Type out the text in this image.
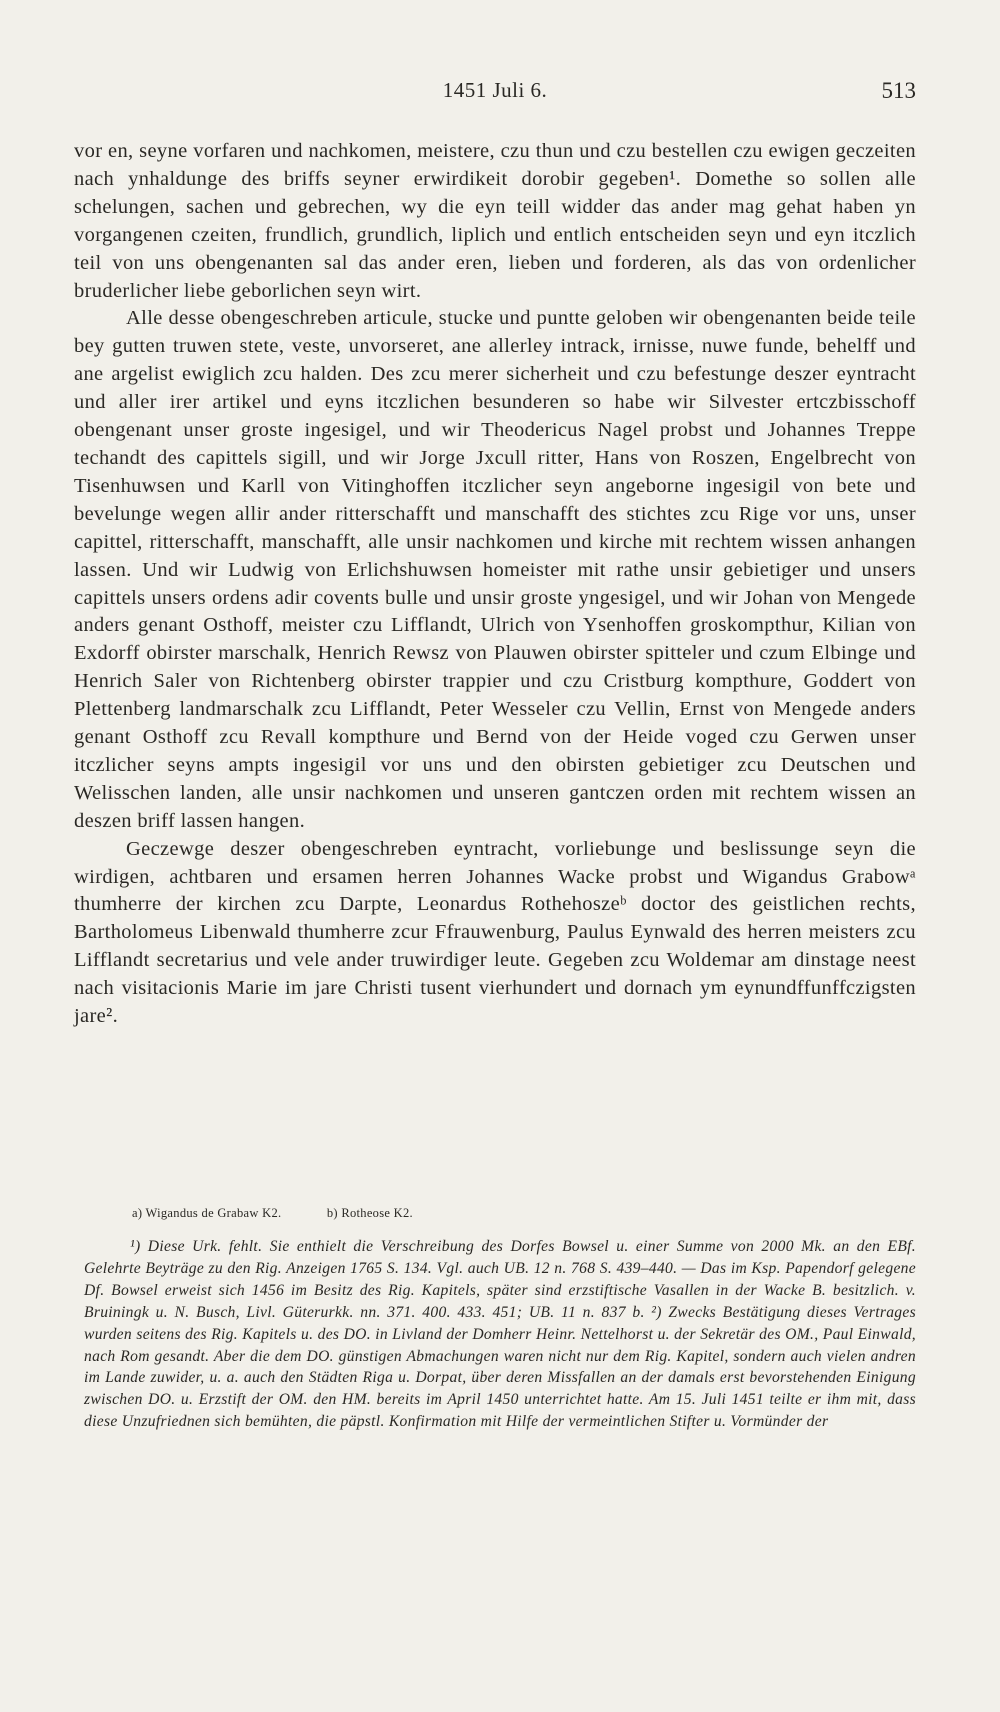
1451 Juli 6.	513

vor en, seyne vorfaren und nachkomen, meistere, czu thun und czu bestellen czu ewigen geczeiten nach ynhaldunge des briffs seyner erwirdikeit dorobir gegeben¹. Domethe so sollen alle schelungen, sachen und gebrechen, wy die eyn teill widder das ander mag gehat haben yn vorgangenen czeiten, frundlich, grundlich, liplich und entlich entscheiden seyn und eyn itczlich teil von uns obengenanten sal das ander eren, lieben und forderen, als das von ordenlicher bruderlicher liebe geborlichen seyn wirt.

Alle desse obengeschreben articule, stucke und puntte geloben wir obengenanten beide teile bey gutten truwen stete, veste, unvorseret, ane allerley intrack, irnisse, nuwe funde, behelff und ane argelist ewiglich zcu halden. Des zcu merer sicherheit und czu befestunge deszer eyntracht und aller irer artikel und eyns itczlichen besunderen so habe wir Silvester ertczbisschoff obengenant unser groste ingesigel, und wir Theodericus Nagel probst und Johannes Treppe techandt des capittels sigill, und wir Jorge Jxcull ritter, Hans von Roszen, Engelbrecht von Tisenhuwsen und Karll von Vitinghoffen itczlicher seyn angeborne ingesigil von bete und bevelunge wegen allir ander ritterschafft und manschafft des stichtes zcu Rige vor uns, unser capittel, ritterschafft, manschafft, alle unsir nachkomen und kirche mit rechtem wissen anhangen lassen. Und wir Ludwig von Erlichshuwsen homeister mit rathe unsir gebietiger und unsers capittels unsers ordens adir covents bulle und unsir groste yngesigel, und wir Johan von Mengede anders genant Osthoff, meister czu Lifflandt, Ulrich von Ysenhoffen groskompthur, Kilian von Exdorff obirster marschalk, Henrich Rewsz von Plauwen obirster spitteler und czum Elbinge und Henrich Saler von Richtenberg obirster trappier und czu Cristburg kompthure, Goddert von Plettenberg landmarschalk zcu Lifflandt, Peter Wesseler czu Vellin, Ernst von Mengede anders genant Osthoff zcu Revall kompthure und Bernd von der Heide voged czu Gerwen unser itczlicher seyns ampts ingesigil vor uns und den obirsten gebietiger zcu Deutschen und Welisschen landen, alle unsir nachkomen und unseren gantczen orden mit rechtem wissen an deszen briff lassen hangen.

Geczewge deszer obengeschreben eyntracht, vorliebunge und beslissunge seyn die wirdigen, achtbaren und ersamen herren Johannes Wacke probst und Wigandus Grabowᵃ thumherre der kirchen zcu Darpte, Leonardus Rothehoszeᵇ doctor des geistlichen rechts, Bartholomeus Libenwald thumherre zcur Ffrauwenburg, Paulus Eynwald des herren meisters zcu Lifflandt secretarius und vele ander truwirdiger leute. Gegeben zcu Woldemar am dinstage neest nach visitacionis Marie im jare Christi tusent vierhundert und dornach ym eynundffunffczigsten jare².

a) Wigandus de Grabaw K2.	b) Rotheose K2.

¹) Diese Urk. fehlt. Sie enthielt die Verschreibung des Dorfes Bowsel u. einer Summe von 2000 Mk. an den EBf. Gelehrte Beyträge zu den Rig. Anzeigen 1765 S. 134. Vgl. auch UB. 12 n. 768 S. 439–440. — Das im Ksp. Papendorf gelegene Df. Bowsel erweist sich 1456 im Besitz des Rig. Kapitels, später sind erzstiftische Vasallen in der Wacke B. besitzlich. v. Bruiningk u. N. Busch, Livl. Güterurkk. nn. 371. 400. 433. 451; UB. 11 n. 837 b. ²) Zwecks Bestätigung dieses Vertrages wurden seitens des Rig. Kapitels u. des DO. in Livland der Domherr Heinr. Nettelhorst u. der Sekretär des OM., Paul Einwald, nach Rom gesandt. Aber die dem DO. günstigen Abmachungen waren nicht nur dem Rig. Kapitel, sondern auch vielen andren im Lande zuwider, u. a. auch den Städten Riga u. Dorpat, über deren Missfallen an der damals erst bevorstehenden Einigung zwischen DO. u. Erzstift der OM. den HM. bereits im April 1450 unterrichtet hatte. Am 15. Juli 1451 teilte er ihm mit, dass diese Unzufriednen sich bemühten, die päpstl. Konfirmation mit Hilfe der vermeintlichen Stifter u. Vormünder der
